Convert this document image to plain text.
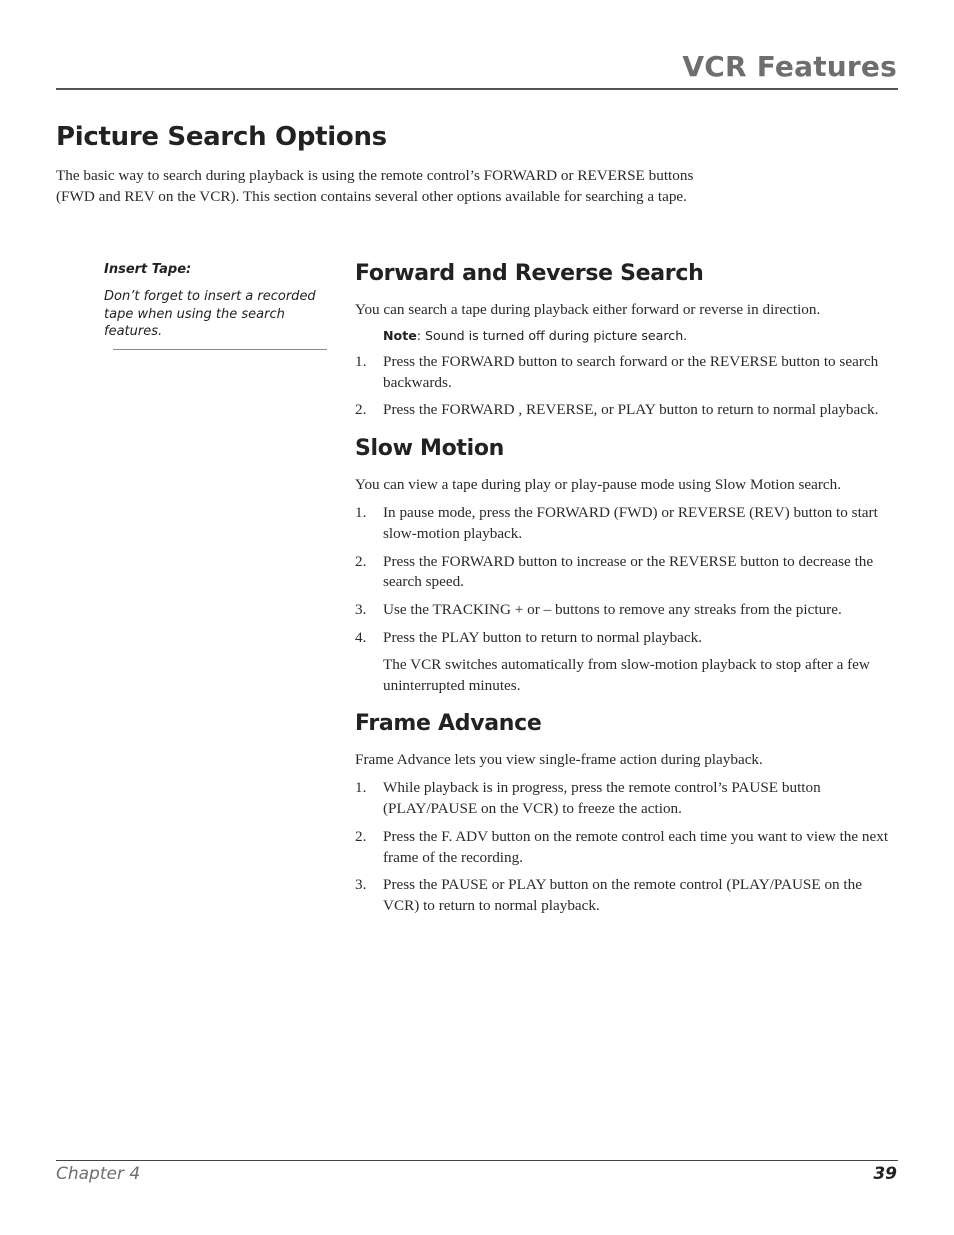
VCR Features
Picture Search Options

The basic way to search during playback is using the remote control’s FORWARD or REVERSE buttons (FWD and REV on the VCR). This section contains several other options available for searching a tape.

Insert Tape:

Don’t forget to insert a recorded tape when using the search features.

Forward and Reverse Search

You can search a tape during playback either forward or reverse in direction.

Note: Sound is turned off during picture search.

1. Press the FORWARD button to search forward or the REVERSE button to search backwards.
2. Press the FORWARD , REVERSE, or PLAY button to return to normal playback.
Slow Motion

You can view a tape during play or play-pause mode using Slow Motion search.

1. In pause mode, press the FORWARD (FWD) or REVERSE (REV) button to start slow-motion playback.
2. Press the FORWARD button to increase or the REVERSE button to decrease the search speed.
3. Use the TRACKING + or – buttons to remove any streaks from the picture.
4. Press the PLAY button to return to normal playback.

The VCR switches automatically from slow-motion playback to stop after a few uninterrupted minutes.

Frame Advance

Frame Advance lets you view single-frame action during playback.

1. While playback is in progress, press the remote control’s PAUSE button (PLAY/PAUSE on the VCR) to freeze the action.
2. Press the F. ADV button on the remote control each time you want to view the next frame of the recording.
3. Press the PAUSE or PLAY button on the remote control (PLAY/PAUSE on the VCR) to return to normal playback.

Chapter 4	39
